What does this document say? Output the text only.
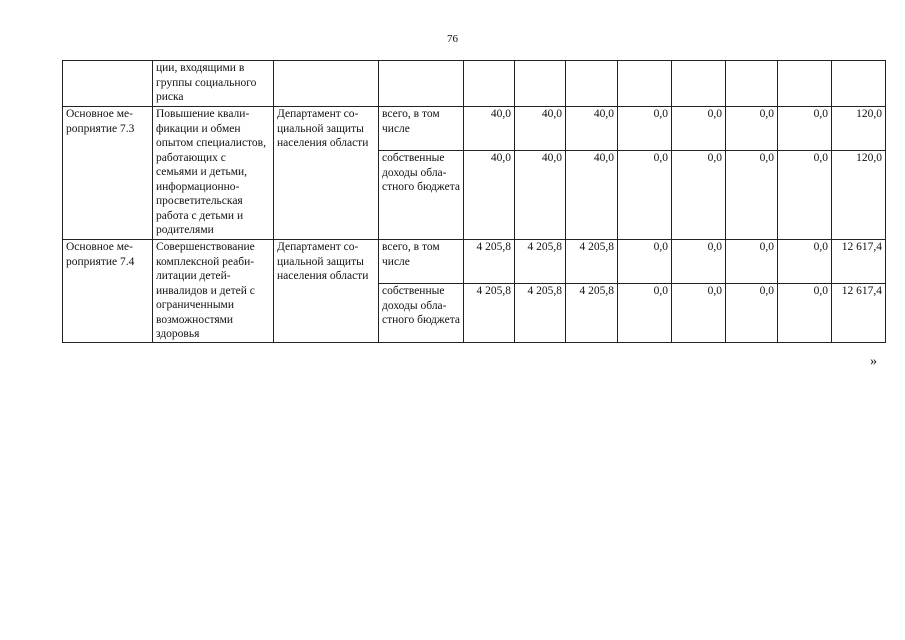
76
	ции, входящими в группы социального риска										
Основное мероприятие 7.3	Повышение квалификации и обмен опытом специалистов, работающих с семьями и детьми, информационно-просветительская работа с детьми и родителями	Департамент социальной защиты населения области	всего, в том числе	40,0	40,0	40,0	0,0	0,0	0,0	0,0	120,0
			собственные доходы областного бюджета	40,0	40,0	40,0	0,0	0,0	0,0	0,0	120,0
Основное мероприятие 7.4	Совершенствование комплексной реабилитации детей-инвалидов и детей с ограниченными возможностями здоровья	Департамент социальной защиты населения области	всего, в том числе	4 205,8	4 205,8	4 205,8	0,0	0,0	0,0	0,0	12 617,4
			собственные доходы областного бюджета	4 205,8	4 205,8	4 205,8	0,0	0,0	0,0	0,0	12 617,4
»
